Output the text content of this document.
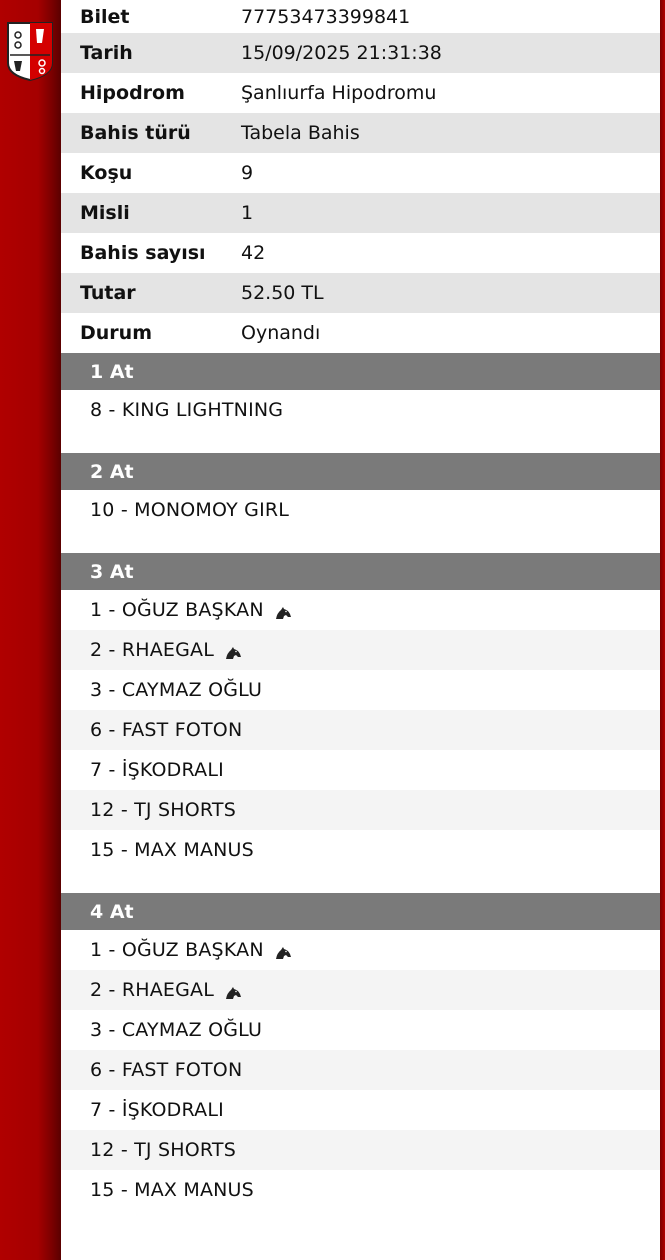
Bilet	77753473399841
Tarih	15/09/2025 21:31:38
Hipodrom	Şanlıurfa Hipodromu
Bahis türü	Tabela Bahis
Koşu	9
Misli	1
Bahis sayısı	42
Tutar	52.50 TL
Durum	Oynandı
1 At
8 - KING LIGHTNING
2 At
10 - MONOMOY GIRL
3 At
1 - OĞUZ BAŞKAN
2 - RHAEGAL
3 - CAYMAZ OĞLU
6 - FAST FOTON
7 - İŞKODRALI
12 - TJ SHORTS
15 - MAX MANUS
4 At
1 - OĞUZ BAŞKAN
2 - RHAEGAL
3 - CAYMAZ OĞLU
6 - FAST FOTON
7 - İŞKODRALI
12 - TJ SHORTS
15 - MAX MANUS
